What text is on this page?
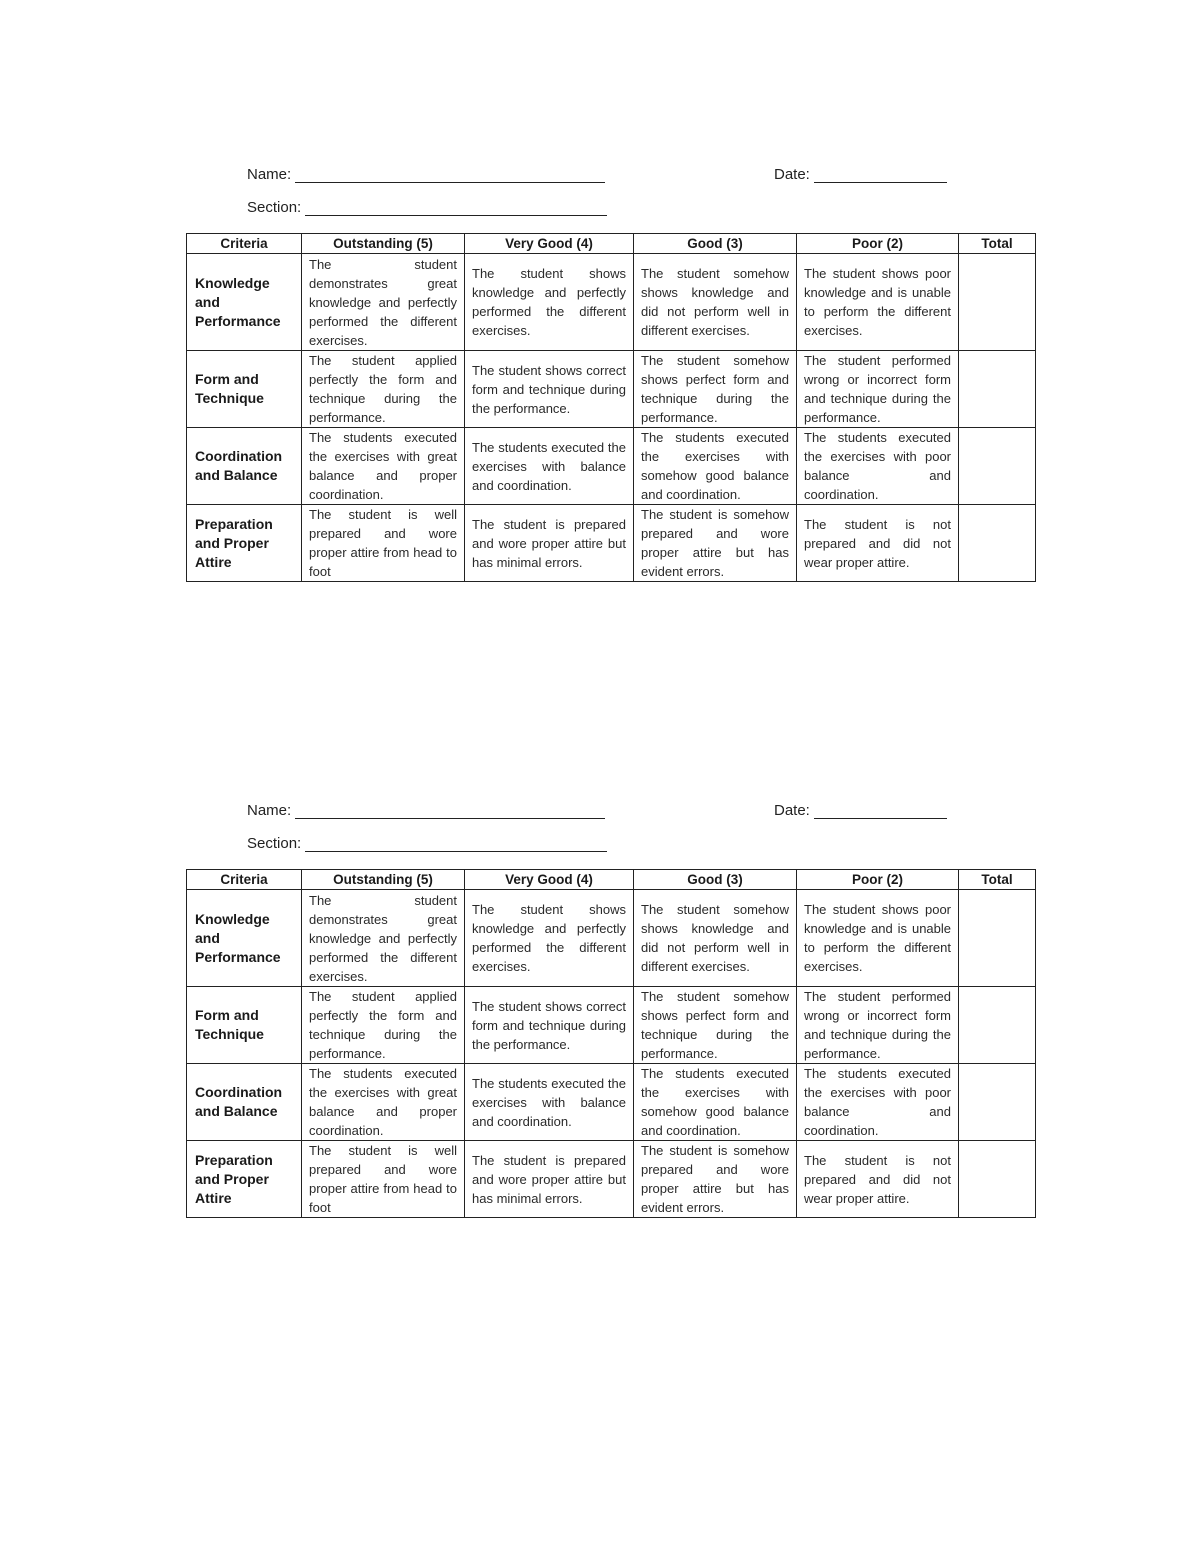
Name:	Date:
Section:
Criteria	Outstanding (5)	Very Good (4)	Good (3)	Poor (2)	Total
Knowledge and Performance	The student demonstrates great knowledge and perfectly performed the different exercises.	The student shows knowledge and perfectly performed the different exercises.	The student somehow shows knowledge and did not perform well in different exercises.	The student shows poor knowledge and is unable to perform the different exercises.	
Form and Technique	The student applied perfectly the form and technique during the performance.	The student shows correct form and technique during the performance.	The student somehow shows perfect form and technique during the performance.	The student performed wrong or incorrect form and technique during the performance.	
Coordination and Balance	The students executed the exercises with great balance and proper coordination.	The students executed the exercises with balance and coordination.	The students executed the exercises with somehow good balance and coordination.	The students executed the exercises with poor balance and coordination.	
Preparation and Proper Attire	The student is well prepared and wore proper attire from head to foot	The student is prepared and wore proper attire but has minimal errors.	The student is somehow prepared and wore proper attire but has evident errors.	The student is not prepared and did not wear proper attire.	
Name:	Date:
Section:
Criteria	Outstanding (5)	Very Good (4)	Good (3)	Poor (2)	Total
Knowledge and Performance	The student demonstrates great knowledge and perfectly performed the different exercises.	The student shows knowledge and perfectly performed the different exercises.	The student somehow shows knowledge and did not perform well in different exercises.	The student shows poor knowledge and is unable to perform the different exercises.	
Form and Technique	The student applied perfectly the form and technique during the performance.	The student shows correct form and technique during the performance.	The student somehow shows perfect form and technique during the performance.	The student performed wrong or incorrect form and technique during the performance.	
Coordination and Balance	The students executed the exercises with great balance and proper coordination.	The students executed the exercises with balance and coordination.	The students executed the exercises with somehow good balance and coordination.	The students executed the exercises with poor balance and coordination.	
Preparation and Proper Attire	The student is well prepared and wore proper attire from head to foot	The student is prepared and wore proper attire but has minimal errors.	The student is somehow prepared and wore proper attire but has evident errors.	The student is not prepared and did not wear proper attire.	
